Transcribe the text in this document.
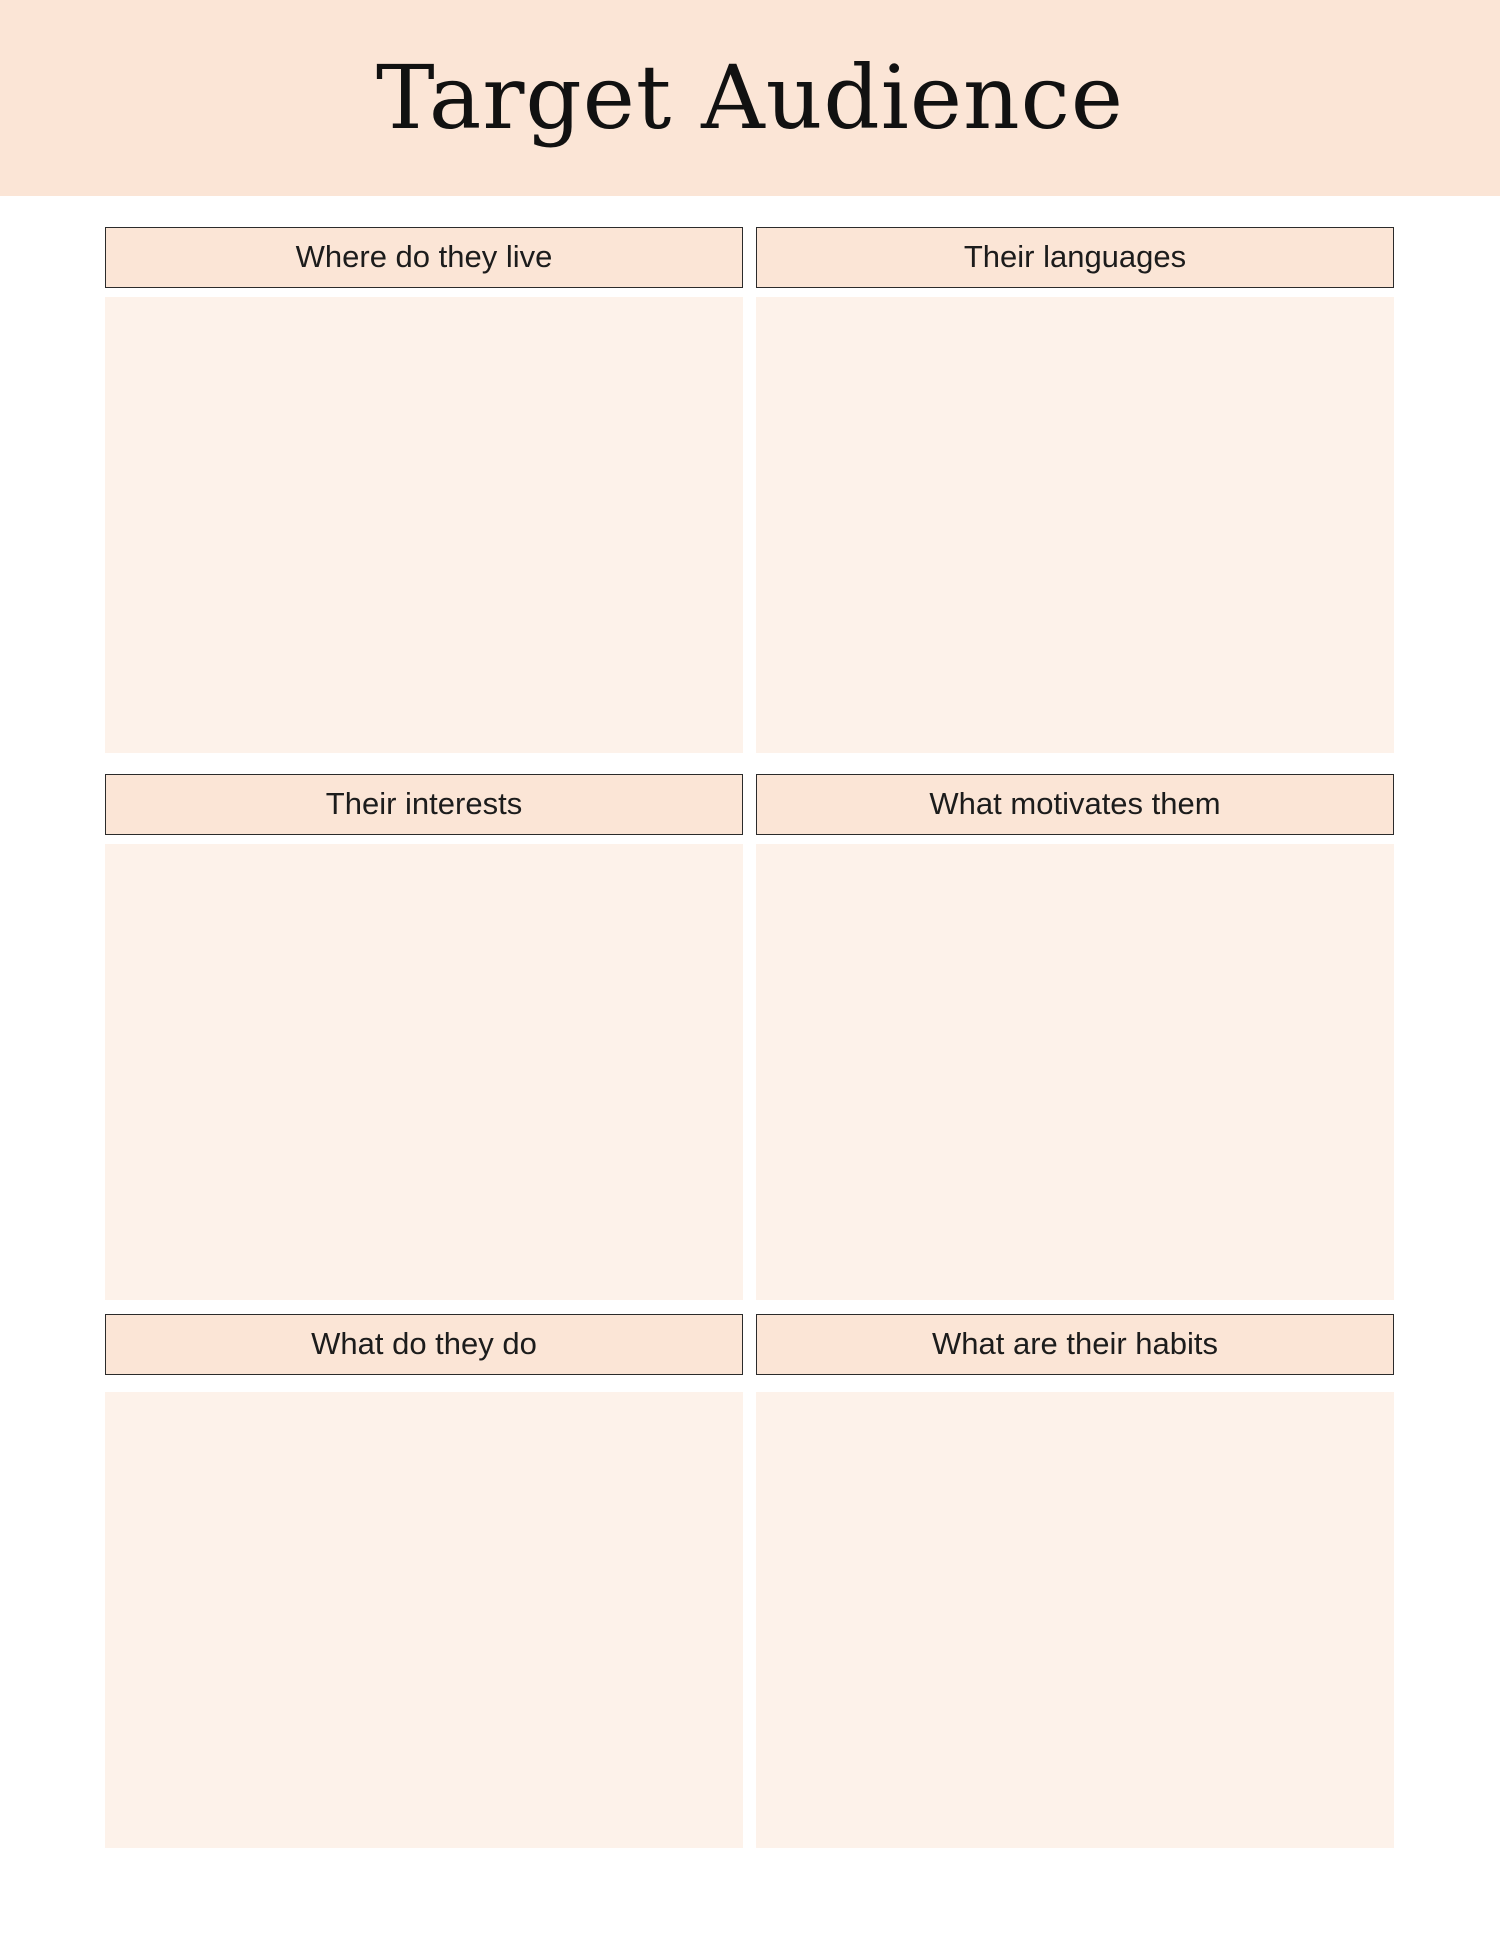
Target Audience
Where do they live	Their languages
Their interests	What motivates them
What do they do	What are their habits
